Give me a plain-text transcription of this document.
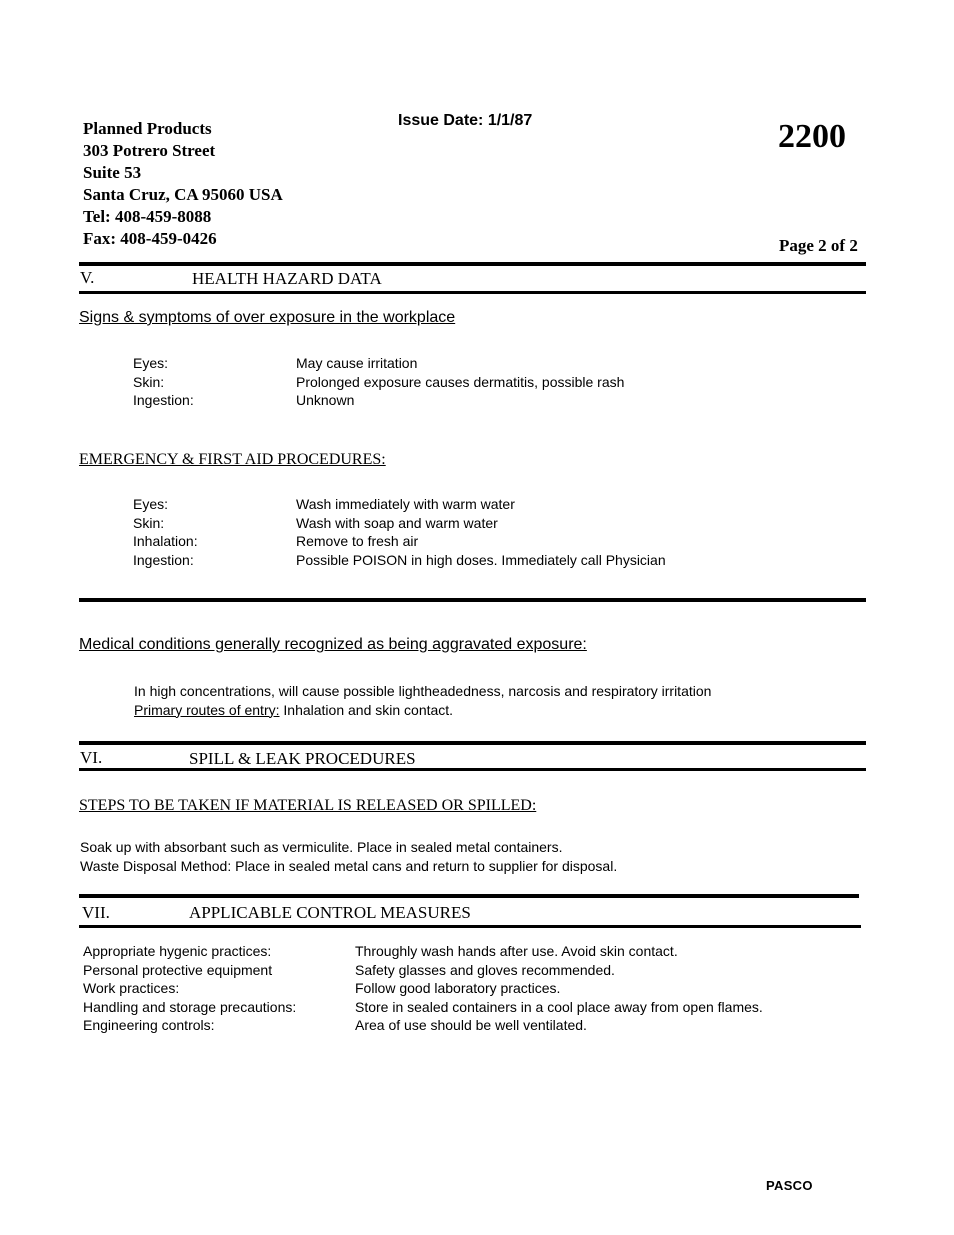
Planned Products
303 Potrero Street
Suite 53
Santa Cruz, CA 95060 USA
Tel: 408-459-8088
Fax: 408-459-0426
Issue Date: 1/1/87	2200
Page 2 of 2
V.	HEALTH HAZARD DATA
Signs & symptoms of over exposure in the workplace
Eyes:	May cause irritation
Skin:	Prolonged exposure causes dermatitis, possible rash
Ingestion:	Unknown
EMERGENCY & FIRST AID PROCEDURES:
Eyes:	Wash immediately with warm water
Skin:	Wash with soap and warm water
Inhalation:	Remove to fresh air
Ingestion:	Possible POISON in high doses. Immediately call Physician
Medical conditions generally recognized as being aggravated exposure:
In high concentrations, will cause possible lightheadedness, narcosis and respiratory irritation
Primary routes of entry: Inhalation and skin contact.
VI.	SPILL & LEAK PROCEDURES
STEPS TO BE TAKEN IF MATERIAL IS RELEASED OR SPILLED:
Soak up with absorbant such as vermiculite. Place in sealed metal containers.
Waste Disposal Method: Place in sealed metal cans and return to supplier for disposal.
VII.	APPLICABLE CONTROL MEASURES
Appropriate hygenic practices:	Throughly wash hands after use. Avoid skin contact.
Personal protective equipment	Safety glasses and gloves recommended.
Work practices:	Follow good laboratory practices.
Handling and storage precautions:	Store in sealed containers in a cool place away from open flames.
Engineering controls:	Area of use should be well ventilated.
PASCO
